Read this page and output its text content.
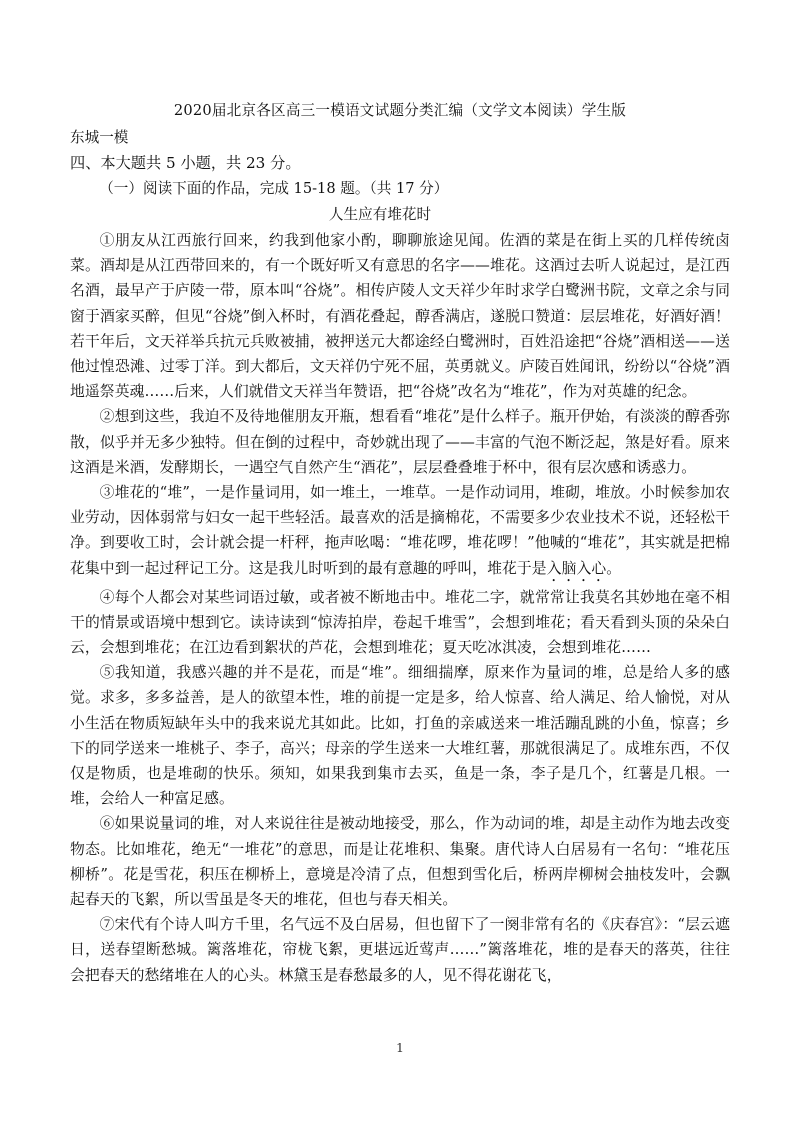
2020届北京各区高三一模语文试题分类汇编（文学文本阅读）学生版
东城一模
四、本大题共 5 小题，共 23 分。
（一）阅读下面的作品，完成 15-18 题。（共 17 分）
人生应有堆花时

①朋友从江西旅行回来，约我到他家小酌，聊聊旅途见闻。佐酒的菜是在街上买的几样传统卤菜。酒却是从江西带回来的，有一个既好听又有意思的名字——堆花。这酒过去听人说起过，是江西名酒，最早产于庐陵一带，原本叫“谷烧”。相传庐陵人文天祥少年时求学白鹭洲书院，文章之余与同窗于酒家买醉，但见“谷烧”倒入杯时，有酒花叠起，醇香满店，遂脱口赞道：层层堆花，好酒好酒！若干年后，文天祥举兵抗元兵败被捕，被押送元大都途经白鹭洲时，百姓沿途把“谷烧”酒相送——送他过惶恐滩、过零丁洋。到大都后，文天祥仍宁死不屈，英勇就义。庐陵百姓闻讯，纷纷以“谷烧”酒地遥祭英魂……后来，人们就借文天祥当年赞语，把“谷烧”改名为“堆花”，作为对英雄的纪念。

②想到这些，我迫不及待地催朋友开瓶，想看看“堆花”是什么样子。瓶开伊始，有淡淡的醇香弥散，似乎并无多少独特。但在倒的过程中，奇妙就出现了——丰富的气泡不断泛起，煞是好看。原来这酒是米酒，发酵期长，一遇空气自然产生“酒花”，层层叠叠堆于杯中，很有层次感和诱惑力。

③堆花的“堆”，一是作量词用，如一堆土，一堆草。一是作动词用，堆砌，堆放。小时候参加农业劳动，因体弱常与妇女一起干些轻活。最喜欢的活是摘棉花，不需要多少农业技术不说，还轻松干净。到要收工时，会计就会提一杆秤，拖声吆喝：“堆花啰，堆花啰！”他喊的“堆花”，其实就是把棉花集中到一起过秤记工分。这是我儿时听到的最有意趣的呼叫，堆花于是入脑入心。

④每个人都会对某些词语过敏，或者被不断地击中。堆花二字，就常常让我莫名其妙地在毫不相干的情景或语境中想到它。读诗读到“惊涛拍岸，卷起千堆雪”，会想到堆花；看天看到头顶的朵朵白云，会想到堆花；在江边看到絮状的芦花，会想到堆花；夏天吃冰淇凌，会想到堆花……

⑤我知道，我感兴趣的并不是花，而是“堆”。细细揣摩，原来作为量词的堆，总是给人多的感觉。求多，多多益善，是人的欲望本性，堆的前提一定是多，给人惊喜、给人满足、给人愉悦，对从小生活在物质短缺年头中的我来说尤其如此。比如，打鱼的亲戚送来一堆活蹦乱跳的小鱼，惊喜；乡下的同学送来一堆桃子、李子，高兴；母亲的学生送来一大堆红薯，那就很满足了。成堆东西，不仅仅是物质，也是堆砌的快乐。须知，如果我到集市去买，鱼是一条，李子是几个，红薯是几根。一堆，会给人一种富足感。

⑥如果说量词的堆，对人来说往往是被动地接受，那么，作为动词的堆，却是主动作为地去改变物态。比如堆花，绝无“一堆花”的意思，而是让花堆积、集聚。唐代诗人白居易有一名句：“堆花压柳桥”。花是雪花，积压在柳桥上，意境是冷清了点，但想到雪化后，桥两岸柳树会抽枝发叶，会飘起春天的飞絮，所以雪虽是冬天的堆花，但也与春天相关。

⑦宋代有个诗人叫方千里，名气远不及白居易，但也留下了一阕非常有名的《庆春宫》：“层云遮日，送春望断愁城。篱落堆花，帘栊飞絮，更堪远近莺声……”篱落堆花，堆的是春天的落英，往往会把春天的愁绪堆在人的心头。林黛玉是春愁最多的人，见不得花谢花飞，

1
